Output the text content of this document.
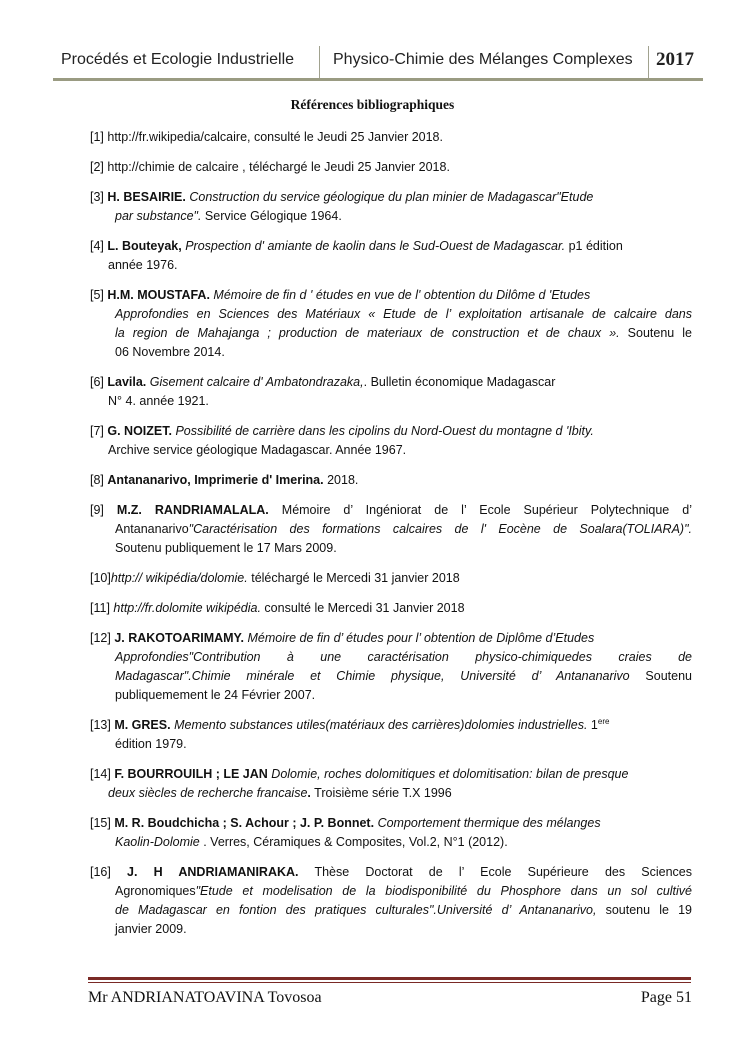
Procédés et Ecologie Industrielle Physico-Chimie des Mélanges Complexes 2017
Références bibliographiques
[1] http://fr.wikipedia/calcaire, consulté le Jeudi 25 Janvier 2018.
[2] http://chimie de calcaire , téléchargé le Jeudi 25 Janvier 2018.
[3] H. BESAIRIE. Construction du service géologique du plan minier de Madagascar"Etude
par substance". Service Gélogique 1964.
[4] L. Bouteyak, Prospection d' amiante de kaolin dans le Sud-Ouest de Madagascar. p1 édition
année 1976.
[5] H.M. MOUSTAFA. Mémoire de fin d ' études en vue de l' obtention du Dilôme d 'Etudes
Approfondies en Sciences des Matériaux « Etude de l’ exploitation artisanale de calcaire dans
la region de Mahajanga ; production de materiaux de construction et de chaux ». Soutenu le
06 Novembre 2014.
[6] Lavila. Gisement calcaire d' Ambatondrazaka,. Bulletin économique Madagascar
N° 4. année 1921.
[7] G. NOIZET. Possibilité de carrière dans les cipolins du Nord-Ouest du montagne d 'Ibity.
Archive service géologique Madagascar. Année 1967.
[8] Antananarivo, Imprimerie d' Imerina. 2018.
[9] M.Z. RANDRIAMALALA. Mémoire d’ Ingéniorat de l’ Ecole Supérieur Polytechnique d’
Antananarivo"Caractérisation des formations calcaires de l' Eocène de Soalara(TOLIARA)".
Soutenu publiquement le 17 Mars 2009.
[10]http:// wikipédia/dolomie. téléchargé le Mercedi 31 janvier 2018
[11] http://fr.dolomite wikipédia. consulté le Mercedi 31 Janvier 2018
[12] J. RAKOTOARIMAMY. Mémoire de fin d’ études pour l’ obtention de Diplôme d’Etudes
Approfondies"Contribution à une caractérisation physico-chimiquedes craies de
Madagascar".Chimie minérale et Chimie physique, Université d’ Antananarivo Soutenu
publiquemement le 24 Février 2007.
[13] M. GRES. Memento substances utiles(matériaux des carrières)dolomies industrielles. 1ere
édition 1979.
[14] F. BOURROUILH ; LE JAN Dolomie, roches dolomitiques et dolomitisation: bilan de presque
deux siècles de recherche francaise. Troisième série T.X 1996
[15] M. R. Boudchicha ; S. Achour ; J. P. Bonnet. Comportement thermique des mélanges
Kaolin-Dolomie . Verres, Céramiques & Composites, Vol.2, N°1 (2012).
[16] J. H ANDRIAMANIRAKA. Thèse Doctorat de l’ Ecole Supérieure des Sciences
Agronomiques"Etude et modelisation de la biodisponibilité du Phosphore dans un sol cultivé
de Madagascar en fontion des pratiques culturales".Université d’ Antananarivo, soutenu le 19
janvier 2009.
Mr ANDRIANATOAVINA Tovosoa	Page 51
